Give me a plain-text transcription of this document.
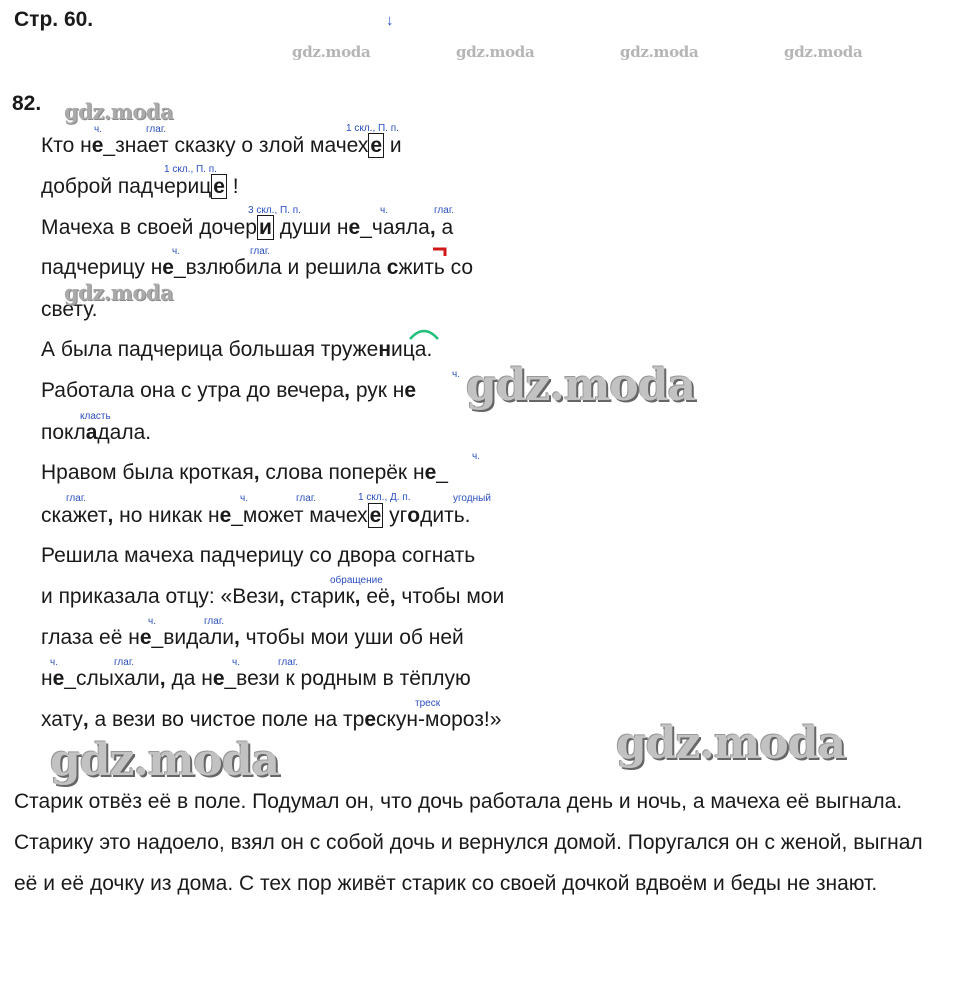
Стр. 60.	↓
gdz.moda	gdz.moda	gdz.moda	gdz.moda
82. gdz.moda
ч.	глаг.	1 скл., П. п.
Кто не_знает сказку о злой мачехе и
1 скл., П. п.
доброй падчерице !
3 скл., П. п.	ч.	глаг.
Мачеха в своей дочери души не_чаяла, а
ч.	глаг.
падчерицу не_взлюбила и решила сжить со
свету.
gdz.moda
А была падчерица большая труженица.
ч.
Работала она с утра до вечера, рук не gdz.moda
класть
покладала.
ч.
Нравом была кроткая, слова поперёк не_
глаг.	ч.	глаг.	1 скл., Д. п.	угодный
скажет, но никак не_может мачехе угодить.
Решила мачеха падчерицу со двора согнать
обращение
и приказала отцу: «Вези, старик, её, чтобы мои
ч.	глаг.
глаза её не_видали, чтобы мои уши об ней
ч.	глаг.	ч.	глаг.
не_слыхали, да не_вези к родным в тёплую
треск
хату, а вези во чистое поле на трескун-мороз!»
gdz.moda	gdz.moda
Старик отвёз её в поле. Подумал он, что дочь работала день и ночь, а мачеха её выгнала. Старику это надоело, взял он с собой дочь и вернулся домой. Поругался он с женой, выгнал её и её дочку из дома. С тех пор живёт старик со своей дочкой вдвоём и беды не знают.
